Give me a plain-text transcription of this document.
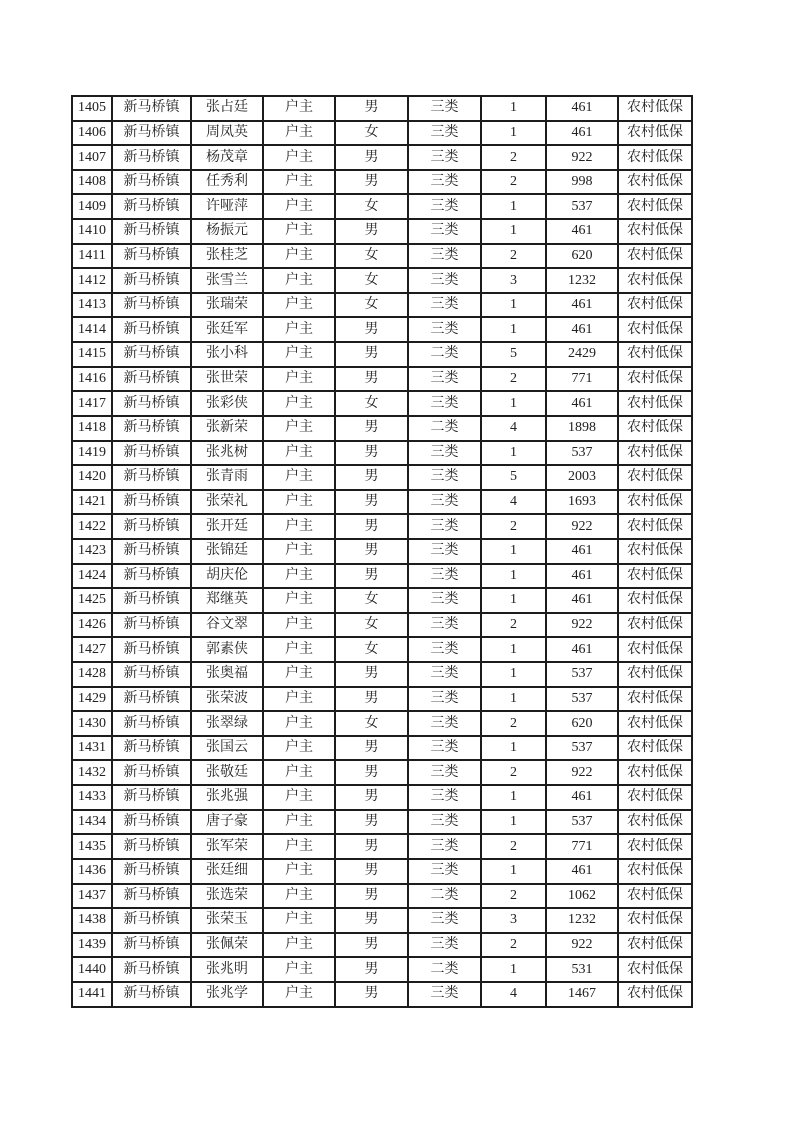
1405	新马桥镇	张占廷	户主	男	三类	1	461	农村低保
1406	新马桥镇	周凤英	户主	女	三类	1	461	农村低保
1407	新马桥镇	杨茂章	户主	男	三类	2	922	农村低保
1408	新马桥镇	任秀利	户主	男	三类	2	998	农村低保
1409	新马桥镇	许哑萍	户主	女	三类	1	537	农村低保
1410	新马桥镇	杨振元	户主	男	三类	1	461	农村低保
1411	新马桥镇	张桂芝	户主	女	三类	2	620	农村低保
1412	新马桥镇	张雪兰	户主	女	三类	3	1232	农村低保
1413	新马桥镇	张瑞荣	户主	女	三类	1	461	农村低保
1414	新马桥镇	张廷军	户主	男	三类	1	461	农村低保
1415	新马桥镇	张小科	户主	男	二类	5	2429	农村低保
1416	新马桥镇	张世荣	户主	男	三类	2	771	农村低保
1417	新马桥镇	张彩侠	户主	女	三类	1	461	农村低保
1418	新马桥镇	张新荣	户主	男	二类	4	1898	农村低保
1419	新马桥镇	张兆树	户主	男	三类	1	537	农村低保
1420	新马桥镇	张青雨	户主	男	三类	5	2003	农村低保
1421	新马桥镇	张荣礼	户主	男	三类	4	1693	农村低保
1422	新马桥镇	张开廷	户主	男	三类	2	922	农村低保
1423	新马桥镇	张锦廷	户主	男	三类	1	461	农村低保
1424	新马桥镇	胡庆伦	户主	男	三类	1	461	农村低保
1425	新马桥镇	郑继英	户主	女	三类	1	461	农村低保
1426	新马桥镇	谷文翠	户主	女	三类	2	922	农村低保
1427	新马桥镇	郭素侠	户主	女	三类	1	461	农村低保
1428	新马桥镇	张奥福	户主	男	三类	1	537	农村低保
1429	新马桥镇	张荣波	户主	男	三类	1	537	农村低保
1430	新马桥镇	张翠绿	户主	女	三类	2	620	农村低保
1431	新马桥镇	张国云	户主	男	三类	1	537	农村低保
1432	新马桥镇	张敬廷	户主	男	三类	2	922	农村低保
1433	新马桥镇	张兆强	户主	男	三类	1	461	农村低保
1434	新马桥镇	唐子豪	户主	男	三类	1	537	农村低保
1435	新马桥镇	张军荣	户主	男	三类	2	771	农村低保
1436	新马桥镇	张廷细	户主	男	三类	1	461	农村低保
1437	新马桥镇	张选荣	户主	男	二类	2	1062	农村低保
1438	新马桥镇	张荣玉	户主	男	三类	3	1232	农村低保
1439	新马桥镇	张佩荣	户主	男	三类	2	922	农村低保
1440	新马桥镇	张兆明	户主	男	二类	1	531	农村低保
1441	新马桥镇	张兆学	户主	男	三类	4	1467	农村低保
